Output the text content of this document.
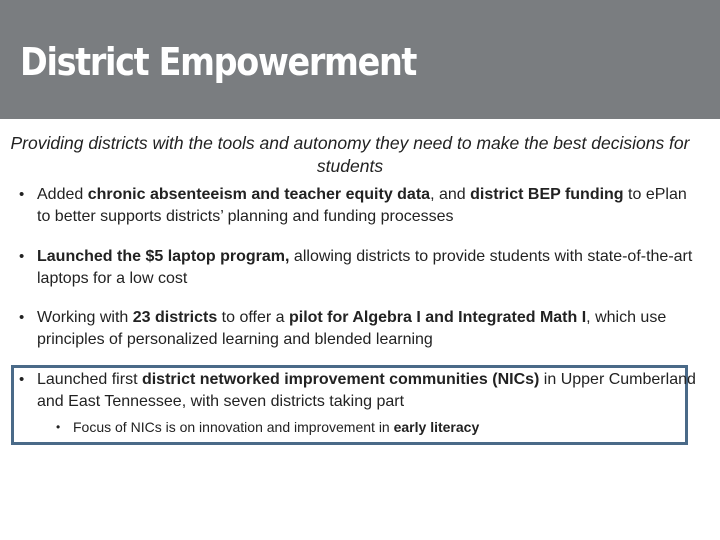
District Empowerment

Providing districts with the tools and autonomy they need to make the best decisions for students

• Added chronic absenteeism and teacher equity data, and district BEP funding to ePlan to better supports districts’ planning and funding processes
• Launched the $5 laptop program, allowing districts to provide students with state-of-the-art laptops for a low cost
• Working with 23 districts to offer a pilot for Algebra I and Integrated Math I, which use principles of personalized learning and blended learning
• Launched first district networked improvement communities (NICs) in Upper Cumberland and East Tennessee, with seven districts taking part
• Focus of NICs is on innovation and improvement in early literacy
